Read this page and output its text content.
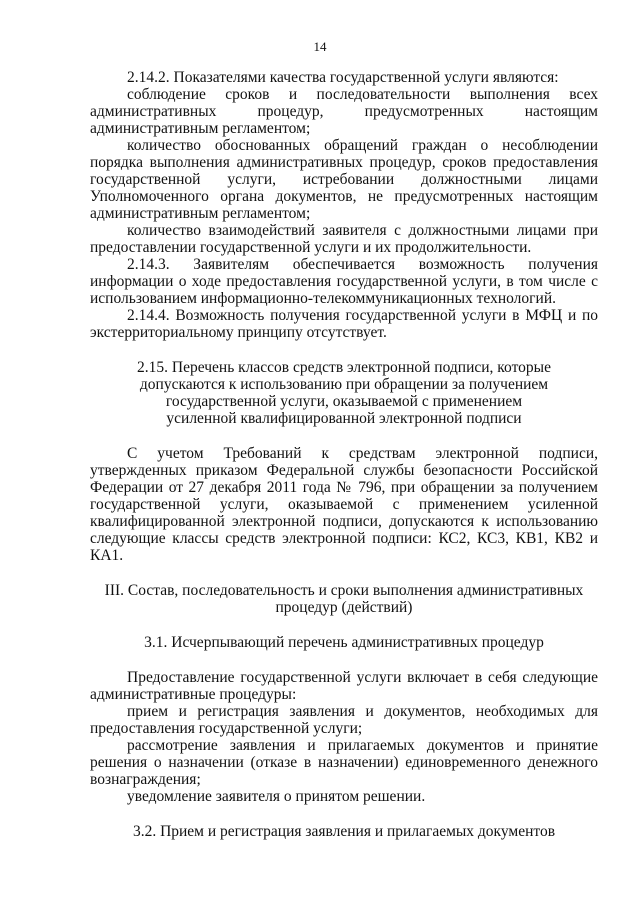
14

2.14.2. Показателями качества государственной услуги являются:

соблюдение сроков и последовательности выполнения всех административных процедур, предусмотренных настоящим административным регламентом;

количество обоснованных обращений граждан о несоблюдении порядка выполнения административных процедур, сроков предоставления государственной услуги, истребовании должностными лицами Уполномоченного органа документов, не предусмотренных настоящим административным регламентом;

количество взаимодействий заявителя с должностными лицами при предоставлении государственной услуги и их продолжительности.

2.14.3. Заявителям обеспечивается возможность получения информации о ходе предоставления государственной услуги, в том числе с использованием информационно-телекоммуникационных технологий.

2.14.4. Возможность получения государственной услуги в МФЦ и по экстерриториальному принципу отсутствует.

2.15. Перечень классов средств электронной подписи, которые
допускаются к использованию при обращении за получением
государственной услуги, оказываемой с применением
усиленной квалифицированной электронной подписи

С учетом Требований к средствам электронной подписи, утвержденных приказом Федеральной службы безопасности Российской Федерации от 27 декабря 2011 года № 796, при обращении за получением государственной услуги, оказываемой с применением усиленной квалифицированной электронной подписи, допускаются к использованию следующие классы средств электронной подписи: КС2, КС3, КВ1, КВ2 и КА1.

III. Состав, последовательность и сроки выполнения административных
процедур (действий)
3.1. Исчерпывающий перечень административных процедур

Предоставление государственной услуги включает в себя следующие административные процедуры:

прием и регистрация заявления и документов, необходимых для предоставления государственной услуги;

рассмотрение заявления и прилагаемых документов и принятие решения о назначении (отказе в назначении) единовременного денежного вознаграждения;

уведомление заявителя о принятом решении.

3.2. Прием и регистрация заявления и прилагаемых документов
